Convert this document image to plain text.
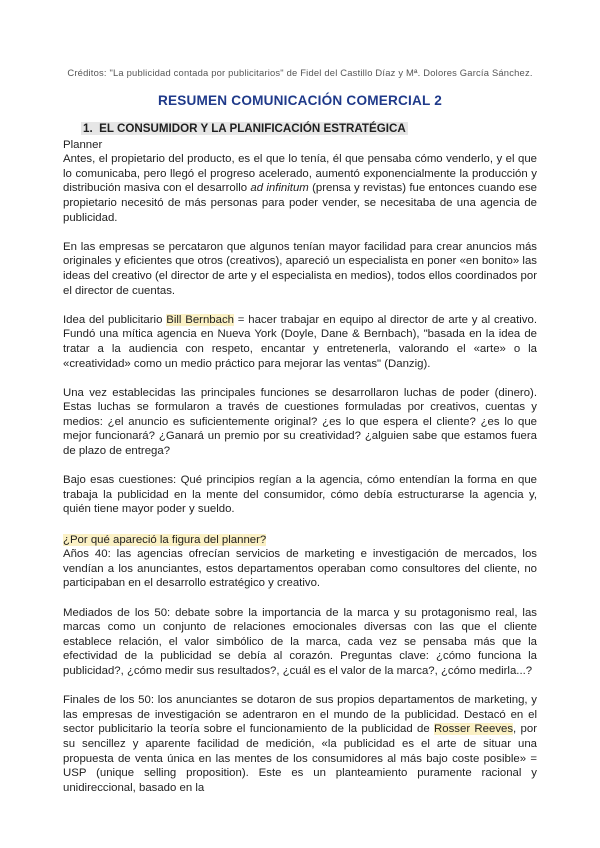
Créditos: "La publicidad contada por publicitarios" de Fidel del Castillo Díaz y Mª. Dolores García Sánchez.
RESUMEN COMUNICACIÓN COMERCIAL 2
1. EL CONSUMIDOR Y LA PLANIFICACIÓN ESTRATÉGICA
Planner

Antes, el propietario del producto, es el que lo tenía, él que pensaba cómo venderlo, y el que lo comunicaba, pero llegó el progreso acelerado, aumentó exponencialmente la producción y distribución masiva con el desarrollo ad infinitum (prensa y revistas) fue entonces cuando ese propietario necesitó de más personas para poder vender, se necesitaba de una agencia de publicidad.

En las empresas se percataron que algunos tenían mayor facilidad para crear anuncios más originales y eficientes que otros (creativos), apareció un especialista en poner «en bonito» las ideas del creativo (el director de arte y el especialista en medios), todos ellos coordinados por el director de cuentas.

Idea del publicitario Bill Bernbach = hacer trabajar en equipo al director de arte y al creativo. Fundó una mítica agencia en Nueva York (Doyle, Dane & Bernbach), "basada en la idea de tratar a la audiencia con respeto, encantar y entretenerla, valorando el «arte» o la «creatividad» como un medio práctico para mejorar las ventas" (Danzig).

Una vez establecidas las principales funciones se desarrollaron luchas de poder (dinero). Estas luchas se formularon a través de cuestiones formuladas por creativos, cuentas y medios: ¿el anuncio es suficientemente original? ¿es lo que espera el cliente? ¿es lo que mejor funcionará? ¿Ganará un premio por su creatividad? ¿alguien sabe que estamos fuera de plazo de entrega?

Bajo esas cuestiones: Qué principios regían a la agencia, cómo entendían la forma en que trabaja la publicidad en la mente del consumidor, cómo debía estructurarse la agencia y, quién tiene mayor poder y sueldo.

¿Por qué apareció la figura del planner?

Años 40: las agencias ofrecían servicios de marketing e investigación de mercados, los vendían a los anunciantes, estos departamentos operaban como consultores del cliente, no participaban en el desarrollo estratégico y creativo.

Mediados de los 50: debate sobre la importancia de la marca y su protagonismo real, las marcas como un conjunto de relaciones emocionales diversas con las que el cliente establece relación, el valor simbólico de la marca, cada vez se pensaba más que la efectividad de la publicidad se debía al corazón. Preguntas clave: ¿cómo funciona la publicidad?, ¿cómo medir sus resultados?, ¿cuál es el valor de la marca?, ¿cómo medirla...?

Finales de los 50: los anunciantes se dotaron de sus propios departamentos de marketing, y las empresas de investigación se adentraron en el mundo de la publicidad. Destacó en el sector publicitario la teoría sobre el funcionamiento de la publicidad de Rosser Reeves, por su sencillez y aparente facilidad de medición, «la publicidad es el arte de situar una propuesta de venta única en las mentes de los consumidores al más bajo coste posible» = USP (unique selling proposition). Este es un planteamiento puramente racional y unidireccional, basado en la
